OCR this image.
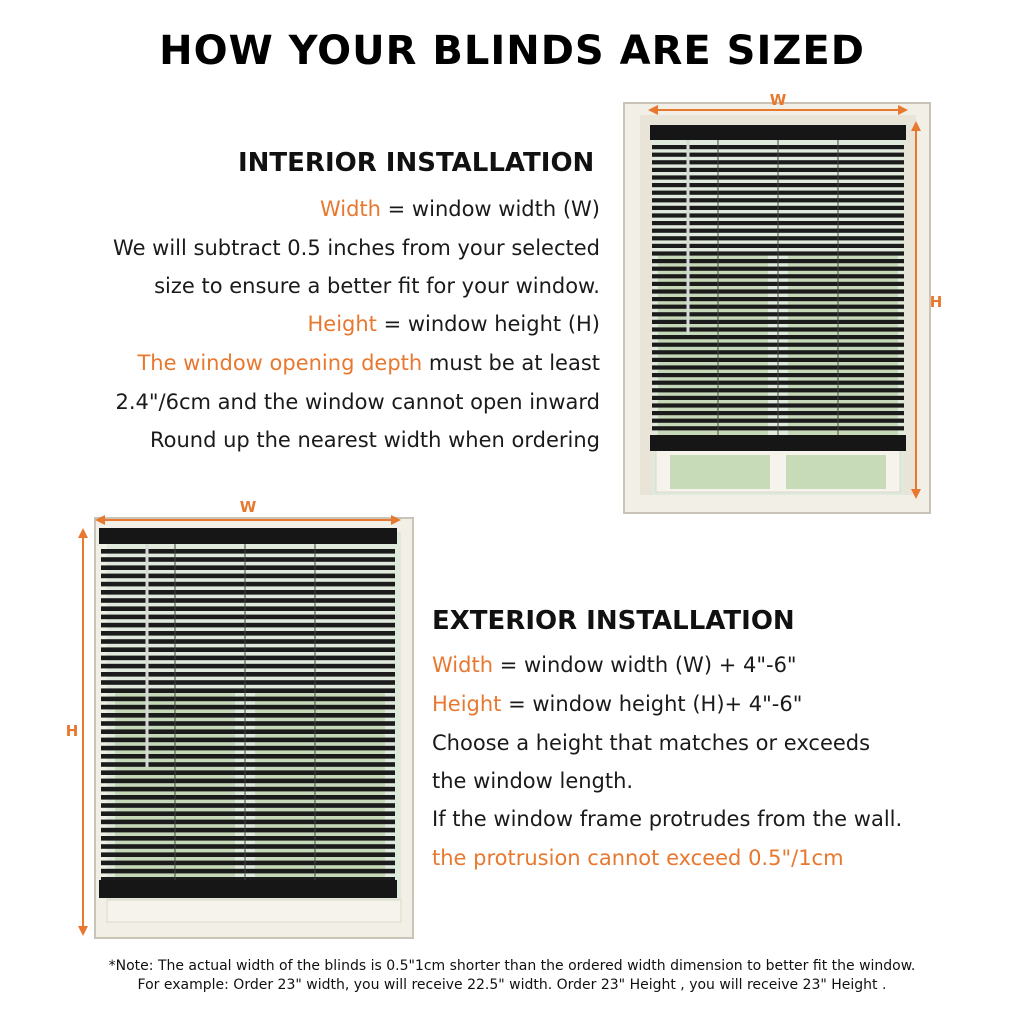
HOW YOUR BLINDS ARE SIZED
INTERIOR INSTALLATION
Width = window width (W)
We will subtract 0.5 inches from your selected
size to ensure a better fit for your window.
Height = window height (H)
The window opening depth must be at least
2.4"/6cm and the window cannot open inward
Round up the nearest width when ordering
W
H
W
H
EXTERIOR INSTALLATION
Width = window width (W) + 4"-6"
Height = window height (H)+ 4"-6"
Choose a height that matches or exceeds
the window length.
If the window frame protrudes from the wall.
the protrusion cannot exceed 0.5"/1cm
*Note: The actual width of the blinds is 0.5"1cm shorter than the ordered width dimension to better fit the window.
For example: Order 23" width, you will receive 22.5" width. Order 23" Height , you will receive 23" Height .
